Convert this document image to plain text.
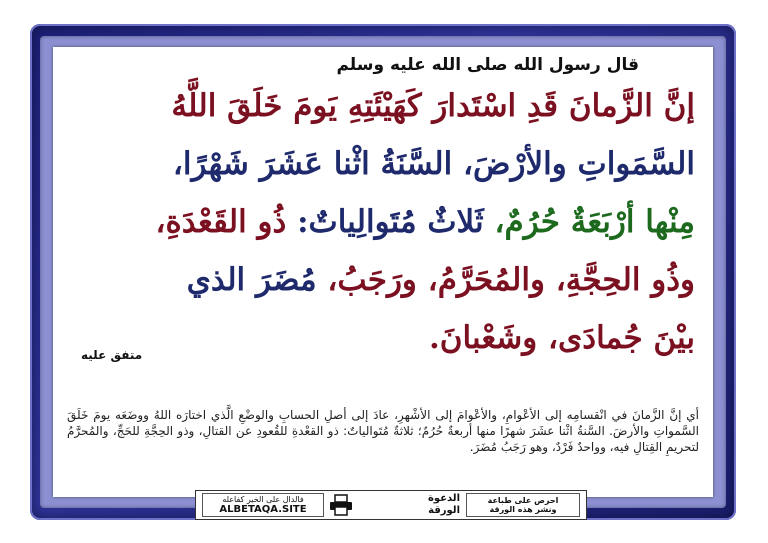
قال رسول الله صلى الله عليه وسلم
إنَّ الزَّمانَ قَدِ اسْتَدارَ كَهَيْئَتِهِ يَومَ خَلَقَ اللَّهُ
السَّمَواتِ والأرْضَ، السَّنَةُ اثْنا عَشَرَ شَهْرًا،
مِنْها أرْبَعَةٌ حُرُمٌ، ثَلاثٌ مُتَوالِياتٌ: ذُو القَعْدَةِ،
وذُو الحِجَّةِ، والمُحَرَّمُ، ورَجَبُ، مُضَرَ الذي
بيْنَ جُمادَى، وشَعْبانَ.
متفق عليه
أي إنَّ الزَّمانَ في انْقسامِه إلى الأعْوامِ، والأعْوامَ إلى الأشْهرِ، عادَ إلى أصلِ الحسابِ والوضْعِ الَّذي اختارَه اللهُ ووضَعَه يومَ خَلَقَ السَّمواتِ والأرضَ. السَّنةُ اثْنا عشَرَ شهرًا منها أربعةٌ حُرُمٌ؛ ثلاثةٌ مُتَوالياتٌ: ذو القعْدةِ للقُعودِ عن القتالِ، وذو الحِجَّةِ للحَجِّ، والمُحرَّمُ لتحريمِ القِتالِ فيه، وواحدٌ فَرْدٌ، وهو رَجَبُ مُضَرَ.
فالدال على الخير كفاعله
ALBETAQA.SITE
الدعوة الورقة
احرص على طباعة
ونشر هذه الورقة
